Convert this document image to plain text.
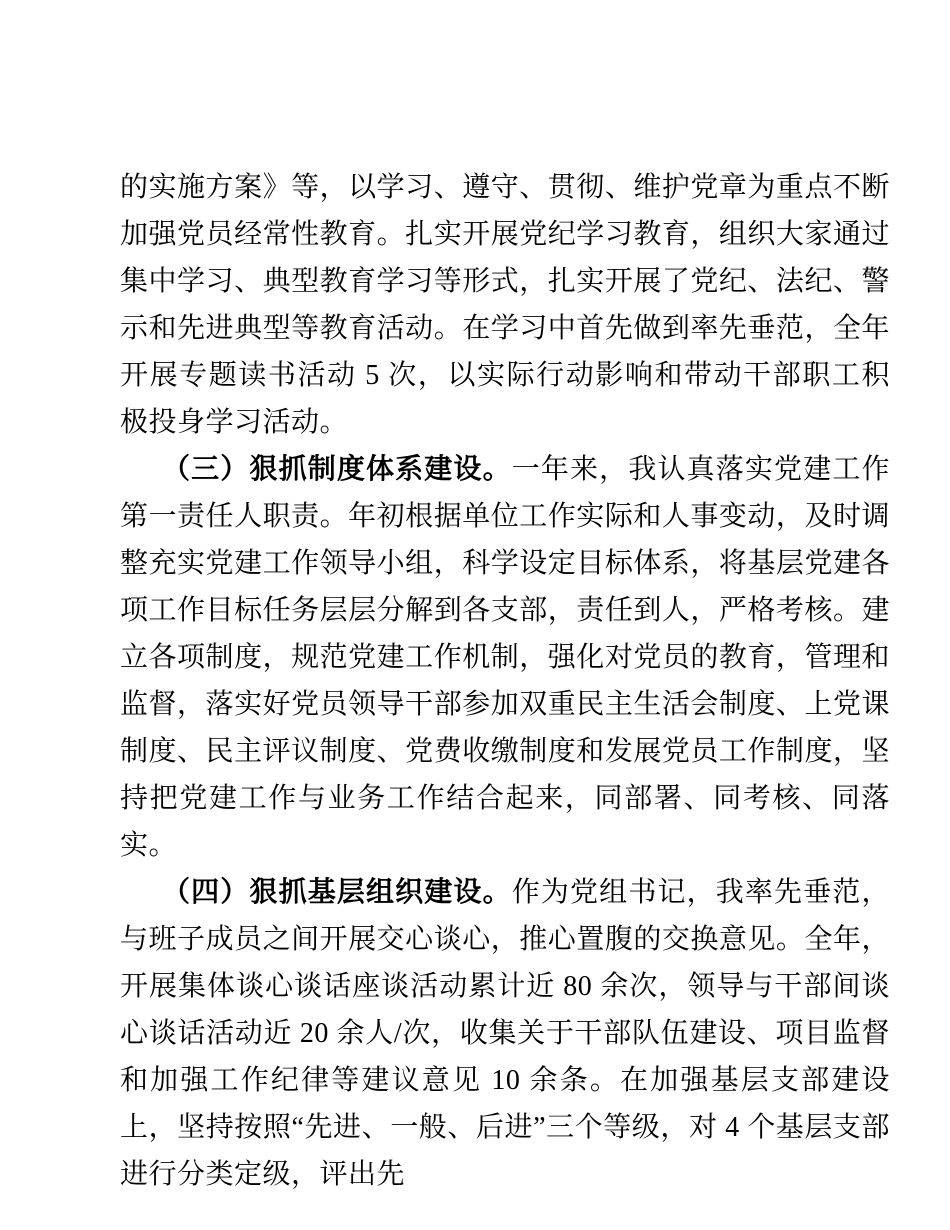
的实施方案》等，以学习、遵守、贯彻、维护党章为重点不断加强党员经常性教育。扎实开展党纪学习教育，组织大家通过集中学习、典型教育学习等形式，扎实开展了党纪、法纪、警示和先进典型等教育活动。在学习中首先做到率先垂范，全年开展专题读书活动 5 次，以实际行动影响和带动干部职工积极投身学习活动。

（三）狠抓制度体系建设。一年来，我认真落实党建工作第一责任人职责。年初根据单位工作实际和人事变动，及时调整充实党建工作领导小组，科学设定目标体系，将基层党建各项工作目标任务层层分解到各支部，责任到人，严格考核。建立各项制度，规范党建工作机制，强化对党员的教育，管理和监督，落实好党员领导干部参加双重民主生活会制度、上党课制度、民主评议制度、党费收缴制度和发展党员工作制度，坚持把党建工作与业务工作结合起来，同部署、同考核、同落实。

（四）狠抓基层组织建设。作为党组书记，我率先垂范，与班子成员之间开展交心谈心，推心置腹的交换意见。全年，开展集体谈心谈话座谈活动累计近 80 余次，领导与干部间谈心谈话活动近 20 余人/次，收集关于干部队伍建设、项目监督和加强工作纪律等建议意见 10 余条。在加强基层支部建设上，坚持按照“先进、一般、后进”三个等级，对 4 个基层支部进行分类定级，评出先
